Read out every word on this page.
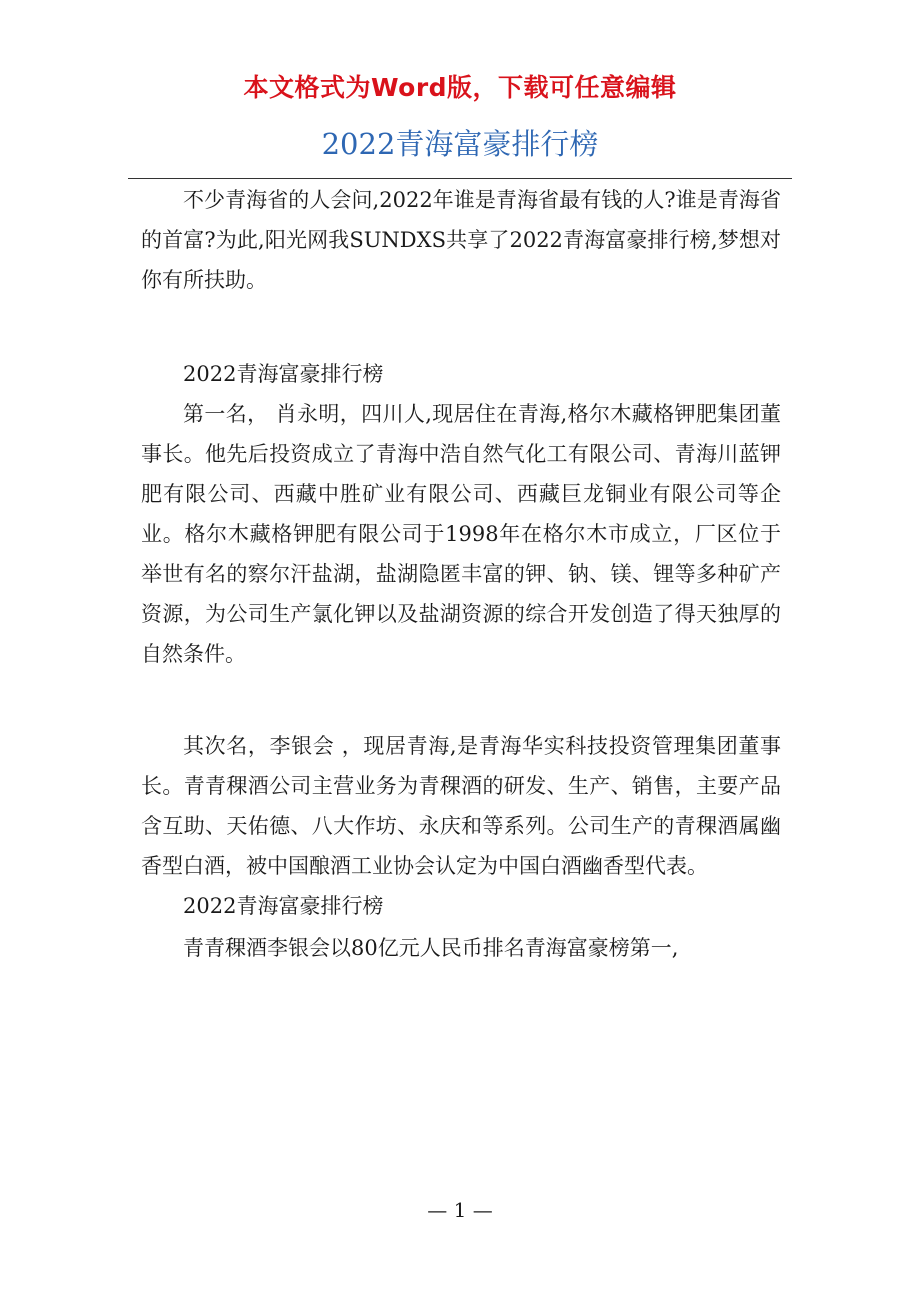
本文格式为Word版，下载可任意编辑
2022青海富豪排行榜

不少青海省的人会问,2022年谁是青海省最有钱的人?谁是青海省的首富?为此,阳光网我SUNDXS共享了2022青海富豪排行榜,梦想对你有所扶助。

2022青海富豪排行榜

第一名， 肖永明，四川人,现居住在青海,格尔木藏格钾肥集团董事长。他先后投资成立了青海中浩自然气化工有限公司、青海川蓝钾肥有限公司、西藏中胜矿业有限公司、西藏巨龙铜业有限公司等企业。格尔木藏格钾肥有限公司于1998年在格尔木市成立，厂区位于举世有名的察尔汗盐湖，盐湖隐匿丰富的钾、钠、镁、锂等多种矿产资源，为公司生产氯化钾以及盐湖资源的综合开发创造了得天独厚的自然条件。

其次名，李银会 ，现居青海,是青海华实科技投资管理集团董事长。青青稞酒公司主营业务为青稞酒的研发、生产、销售，主要产品含互助、天佑德、八大作坊、永庆和等系列。公司生产的青稞酒属幽香型白酒，被中国酿酒工业协会认定为中国白酒幽香型代表。

2022青海富豪排行榜

青青稞酒李银会以80亿元人民币排名青海富豪榜第一,

— 1 —
